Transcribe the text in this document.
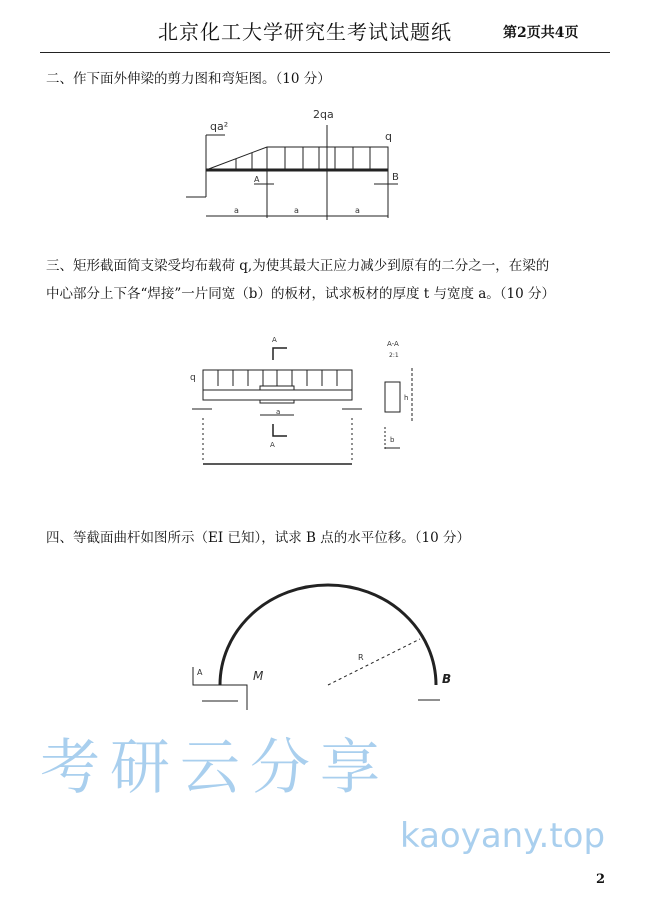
北京化工大学研究生考试试题纸	第2页共4页
二、作下面外伸梁的剪力图和弯矩图。（10 分）
qa²
2qa
q
A	B
a	a	a
三、矩形截面简支梁受均布载荷 q,为使其最大正应力减少到原有的二分之一，在梁的
中心部分上下各“焊接”一片同宽（b）的板材，试求板材的厚度 t 与宽度 a。（10 分）
A
A
q
a
A-A
2:1
h
b
四、等截面曲杆如图所示（EI 已知），试求 B 点的水平位移。（10 分）
A	M
R
B
考研云分享
kaoyany.top
2
